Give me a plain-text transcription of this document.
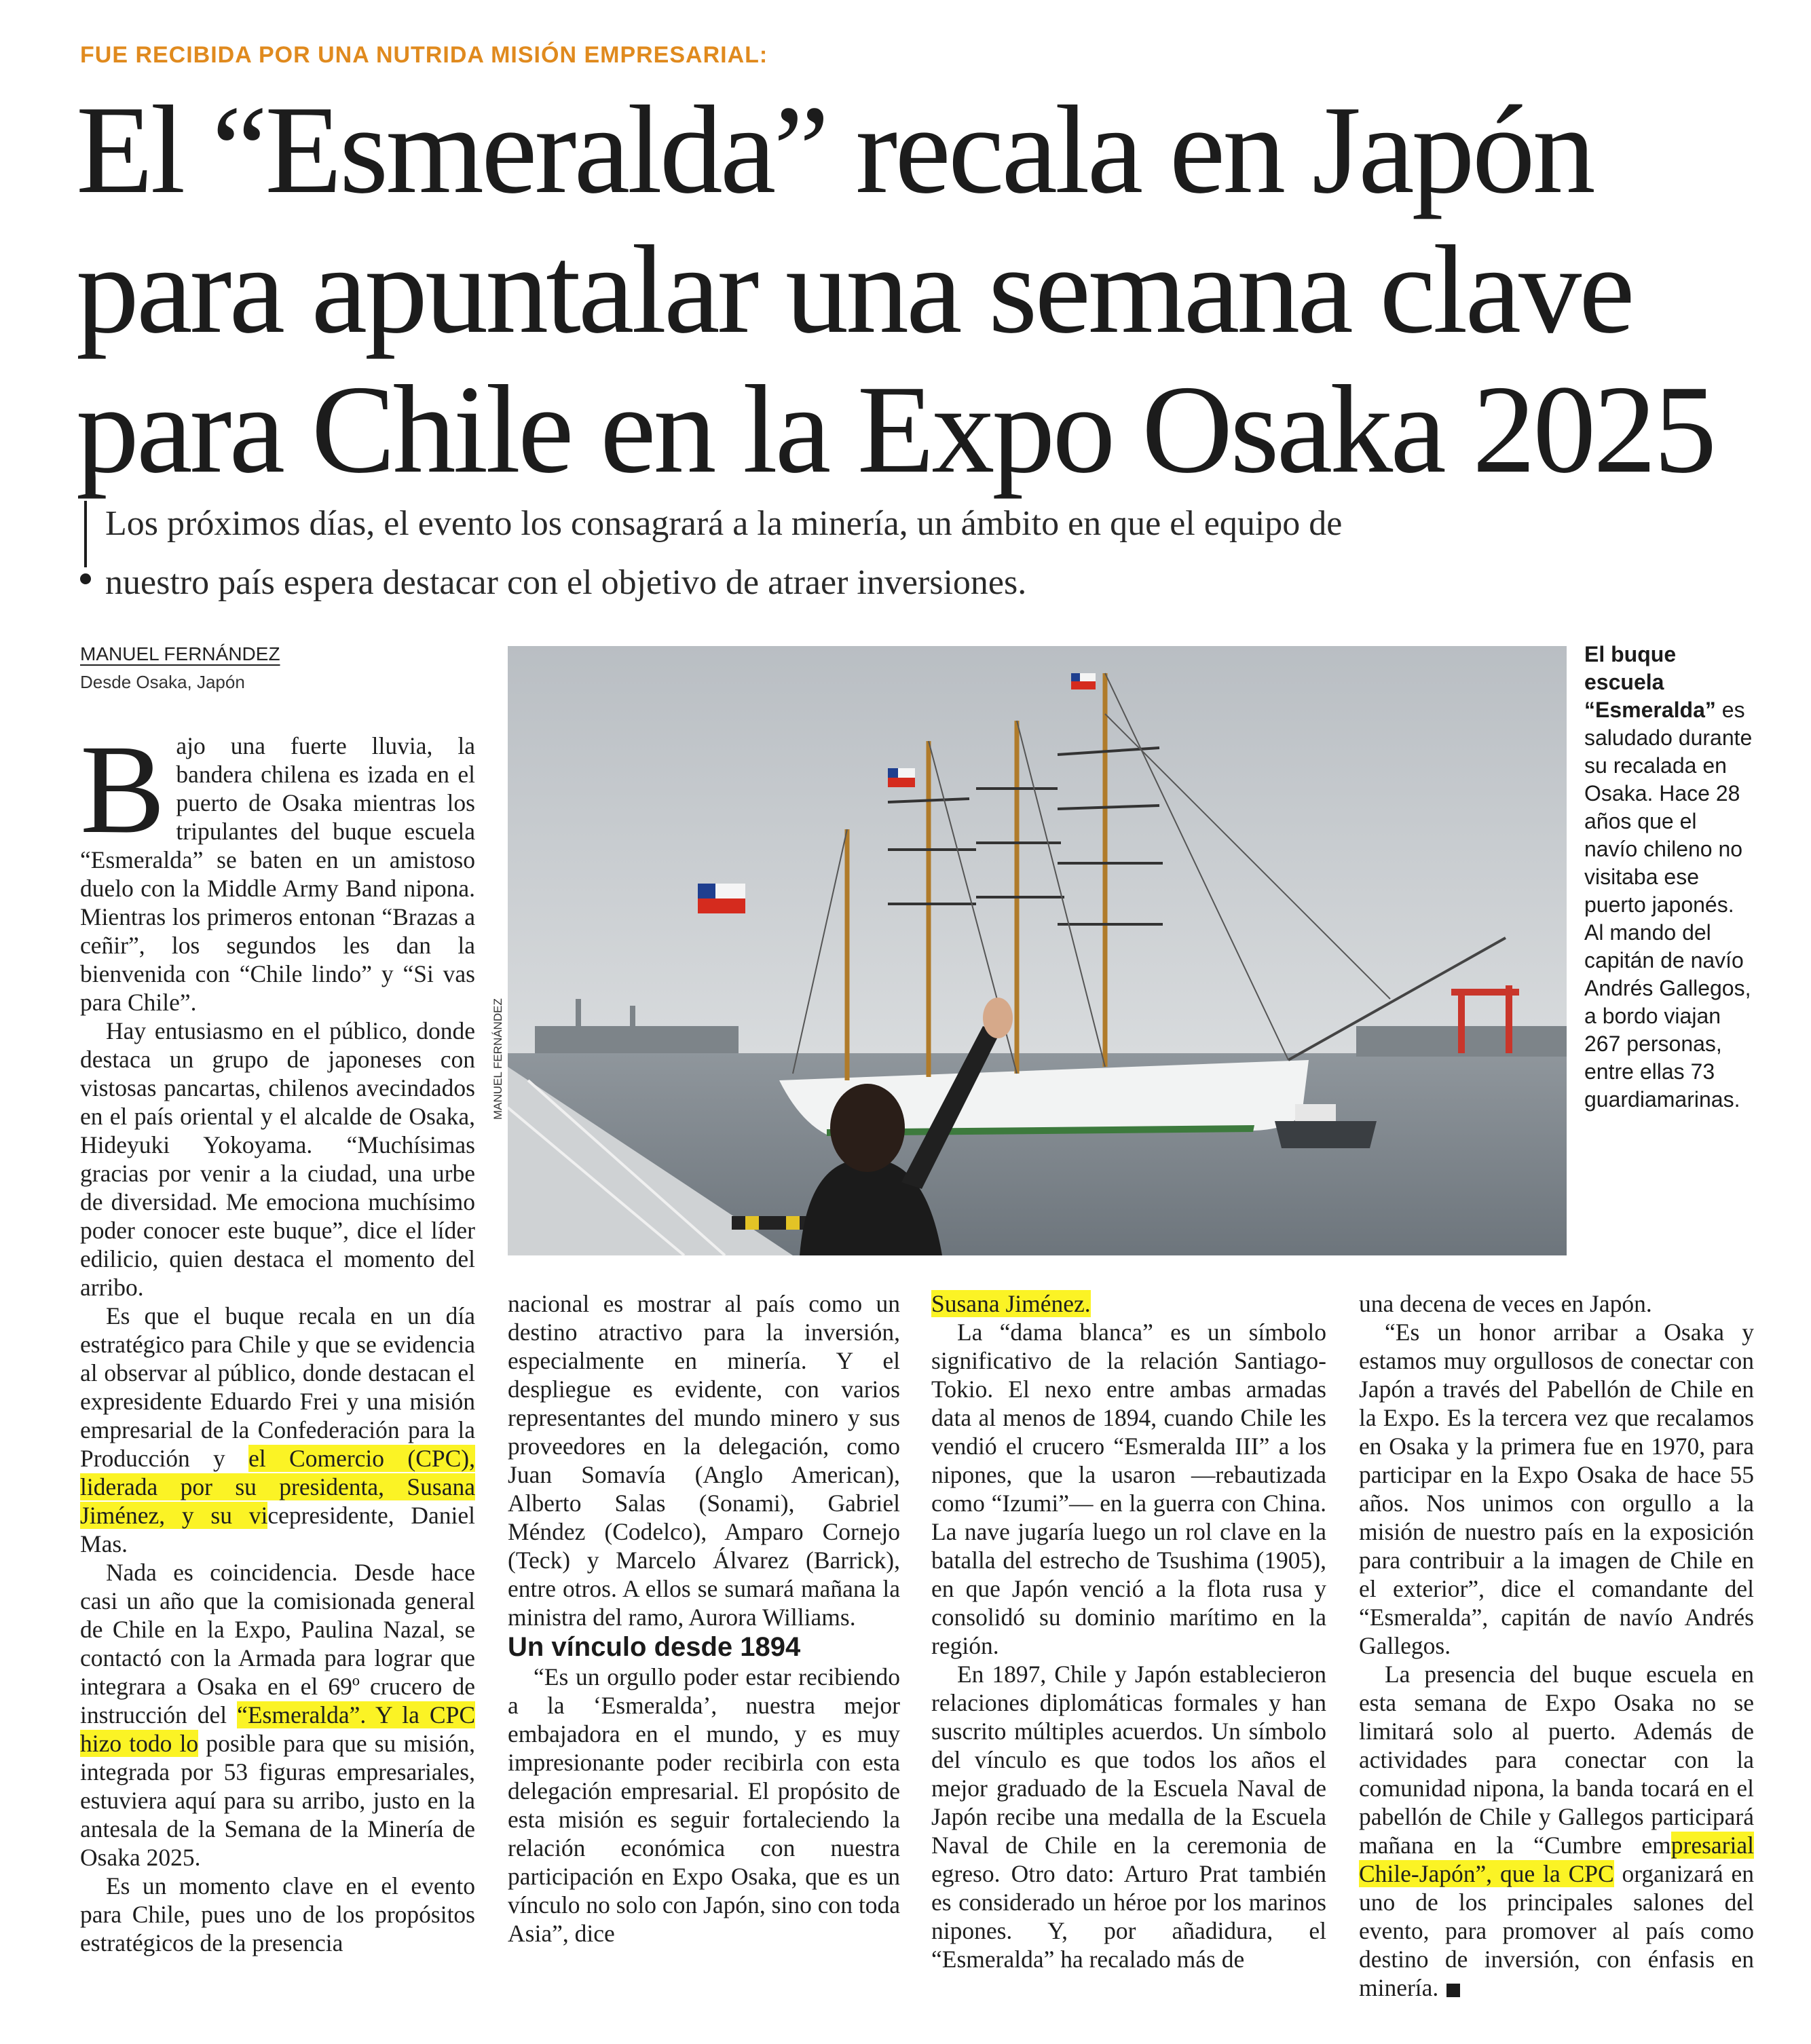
FUE RECIBIDA POR UNA NUTRIDA MISIÓN EMPRESARIAL:
El “Esmeralda” recala en Japón
para apuntalar una semana clave
para Chile en la Expo Osaka 2025
Los próximos días, el evento los consagrará a la minería, un ámbito en que el equipo de
nuestro país espera destacar con el objetivo de atraer inversiones.
MANUEL FERNÁNDEZ
Desde Osaka, Japón

Bajo una fuerte lluvia, la bandera chilena es izada en el puerto de Osaka mientras los tripulantes del buque escuela “Esmeralda” se baten en un amistoso duelo con la Middle Army Band nipona. Mientras los primeros entonan “Brazas a ceñir”, los segundos les dan la bienvenida con “Chile lindo” y “Si vas para Chile”.

Hay entusiasmo en el público, donde destaca un grupo de japoneses con vistosas pancartas, chilenos avecindados en el país oriental y el alcalde de Osaka, Hideyuki Yokoyama. “Muchísimas gracias por venir a la ciudad, una urbe de diversidad. Me emociona muchísimo poder conocer este buque”, dice el líder edilicio, quien destaca el momento del arribo.

Es que el buque recala en un día estratégico para Chile y que se evidencia al observar al público, donde destacan el expresidente Eduardo Frei y una misión empresarial de la Confederación para la Producción y el Comercio (CPC), liderada por su presidenta, Susana Jiménez, y su vicepresidente, Daniel Mas.

Nada es coincidencia. Desde hace casi un año que la comisionada general de Chile en la Expo, Paulina Nazal, se contactó con la Armada para lograr que integrara a Osaka en el 69º crucero de instrucción del “Esmeralda”. Y la CPC hizo todo lo posible para que su misión, integrada por 53 figuras empresariales, estuviera aquí para su arribo, justo en la antesala de la Semana de la Minería de Osaka 2025.

Es un momento clave en el evento para Chile, pues uno de los propósitos estratégicos de la presencia

MANUEL FERNÁNDEZ
El buque escuela “Esmeralda” es saludado durante su recalada en Osaka. Hace 28 años que el navío chileno no visitaba ese puerto japonés. Al mando del capitán de navío Andrés Gallegos, a bordo viajan 267 personas, entre ellas 73 guardiamarinas.

nacional es mostrar al país como un destino atractivo para la inversión, especialmente en minería. Y el despliegue es evidente, con varios representantes del mundo minero y sus proveedores en la delegación, como Juan Somavía (Anglo American), Alberto Salas (Sonami), Gabriel Méndez (Codelco), Amparo Cornejo (Teck) y Marcelo Álvarez (Barrick), entre otros. A ellos se sumará mañana la ministra del ramo, Aurora Williams.

Un vínculo desde 1894

“Es un orgullo poder estar recibiendo a la ‘Esmeralda’, nuestra mejor embajadora en el mundo, y es muy impresionante poder recibirla con esta delegación empresarial. El propósito de esta misión es seguir fortaleciendo la relación económica con nuestra participación en Expo Osaka, que es un vínculo no solo con Japón, sino con toda Asia”, dice

Susana Jiménez.

La “dama blanca” es un símbolo significativo de la relación Santiago-Tokio. El nexo entre ambas armadas data al menos de 1894, cuando Chile les vendió el crucero “Esmeralda III” a los nipones, que la usaron —rebautizada como “Izumi”— en la guerra con China. La nave jugaría luego un rol clave en la batalla del estrecho de Tsushima (1905), en que Japón venció a la flota rusa y consolidó su dominio marítimo en la región.

En 1897, Chile y Japón establecieron relaciones diplomáticas formales y han suscrito múltiples acuerdos. Un símbolo del vínculo es que todos los años el mejor graduado de la Escuela Naval de Japón recibe una medalla de la Escuela Naval de Chile en la ceremonia de egreso. Otro dato: Arturo Prat también es considerado un héroe por los marinos nipones. Y, por añadidura, el “Esmeralda” ha recalado más de

una decena de veces en Japón.

“Es un honor arribar a Osaka y estamos muy orgullosos de conectar con Japón a través del Pabellón de Chile en la Expo. Es la tercera vez que recalamos en Osaka y la primera fue en 1970, para participar en la Expo Osaka de hace 55 años. Nos unimos con orgullo a la misión de nuestro país en la exposición para contribuir a la imagen de Chile en el exterior”, dice el comandante del “Esmeralda”, capitán de navío Andrés Gallegos.

La presencia del buque escuela en esta semana de Expo Osaka no se limitará solo al puerto. Además de actividades para conectar con la comunidad nipona, la banda tocará en el pabellón de Chile y Gallegos participará mañana en la “Cumbre empresarial Chile-Japón”, que la CPC organizará en uno de los principales salones del evento, para promover al país como destino de inversión, con énfasis en minería.
